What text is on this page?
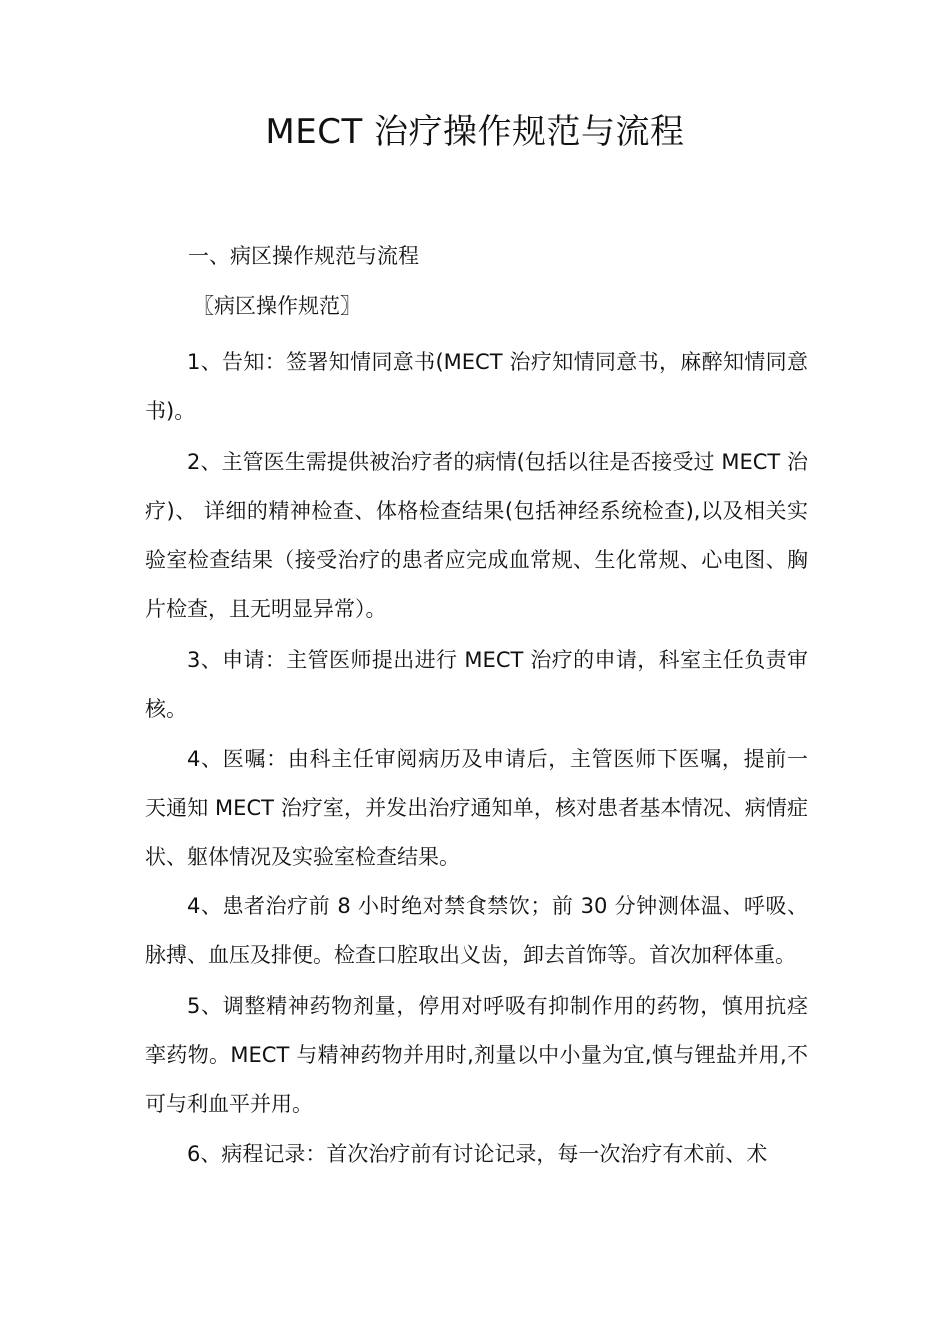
MECT 治疗操作规范与流程
一、病区操作规范与流程
〖病区操作规范〗

1、告知：签署知情同意书(MECT 治疗知情同意书，麻醉知情同意书)。

2、主管医生需提供被治疗者的病情(包括以往是否接受过 MECT 治疗)、 详细的精神检查、体格检查结果(包括神经系统检查),以及相关实验室检查结果（接受治疗的患者应完成血常规、生化常规、心电图、胸片检查，且无明显异常）。

3、申请：主管医师提出进行 MECT 治疗的申请，科室主任负责审核。

4、医嘱：由科主任审阅病历及申请后，主管医师下医嘱，提前一天通知 MECT 治疗室，并发出治疗通知单，核对患者基本情况、病情症状、躯体情况及实验室检查结果。

4、患者治疗前 8 小时绝对禁食禁饮；前 30 分钟测体温、呼吸、脉搏、血压及排便。检查口腔取出义齿，卸去首饰等。首次加秤体重。

5、调整精神药物剂量，停用对呼吸有抑制作用的药物，慎用抗痉挛药物。MECT 与精神药物并用时,剂量以中小量为宜,慎与锂盐并用,不可与利血平并用。

6、病程记录：首次治疗前有讨论记录，每一次治疗有术前、术
